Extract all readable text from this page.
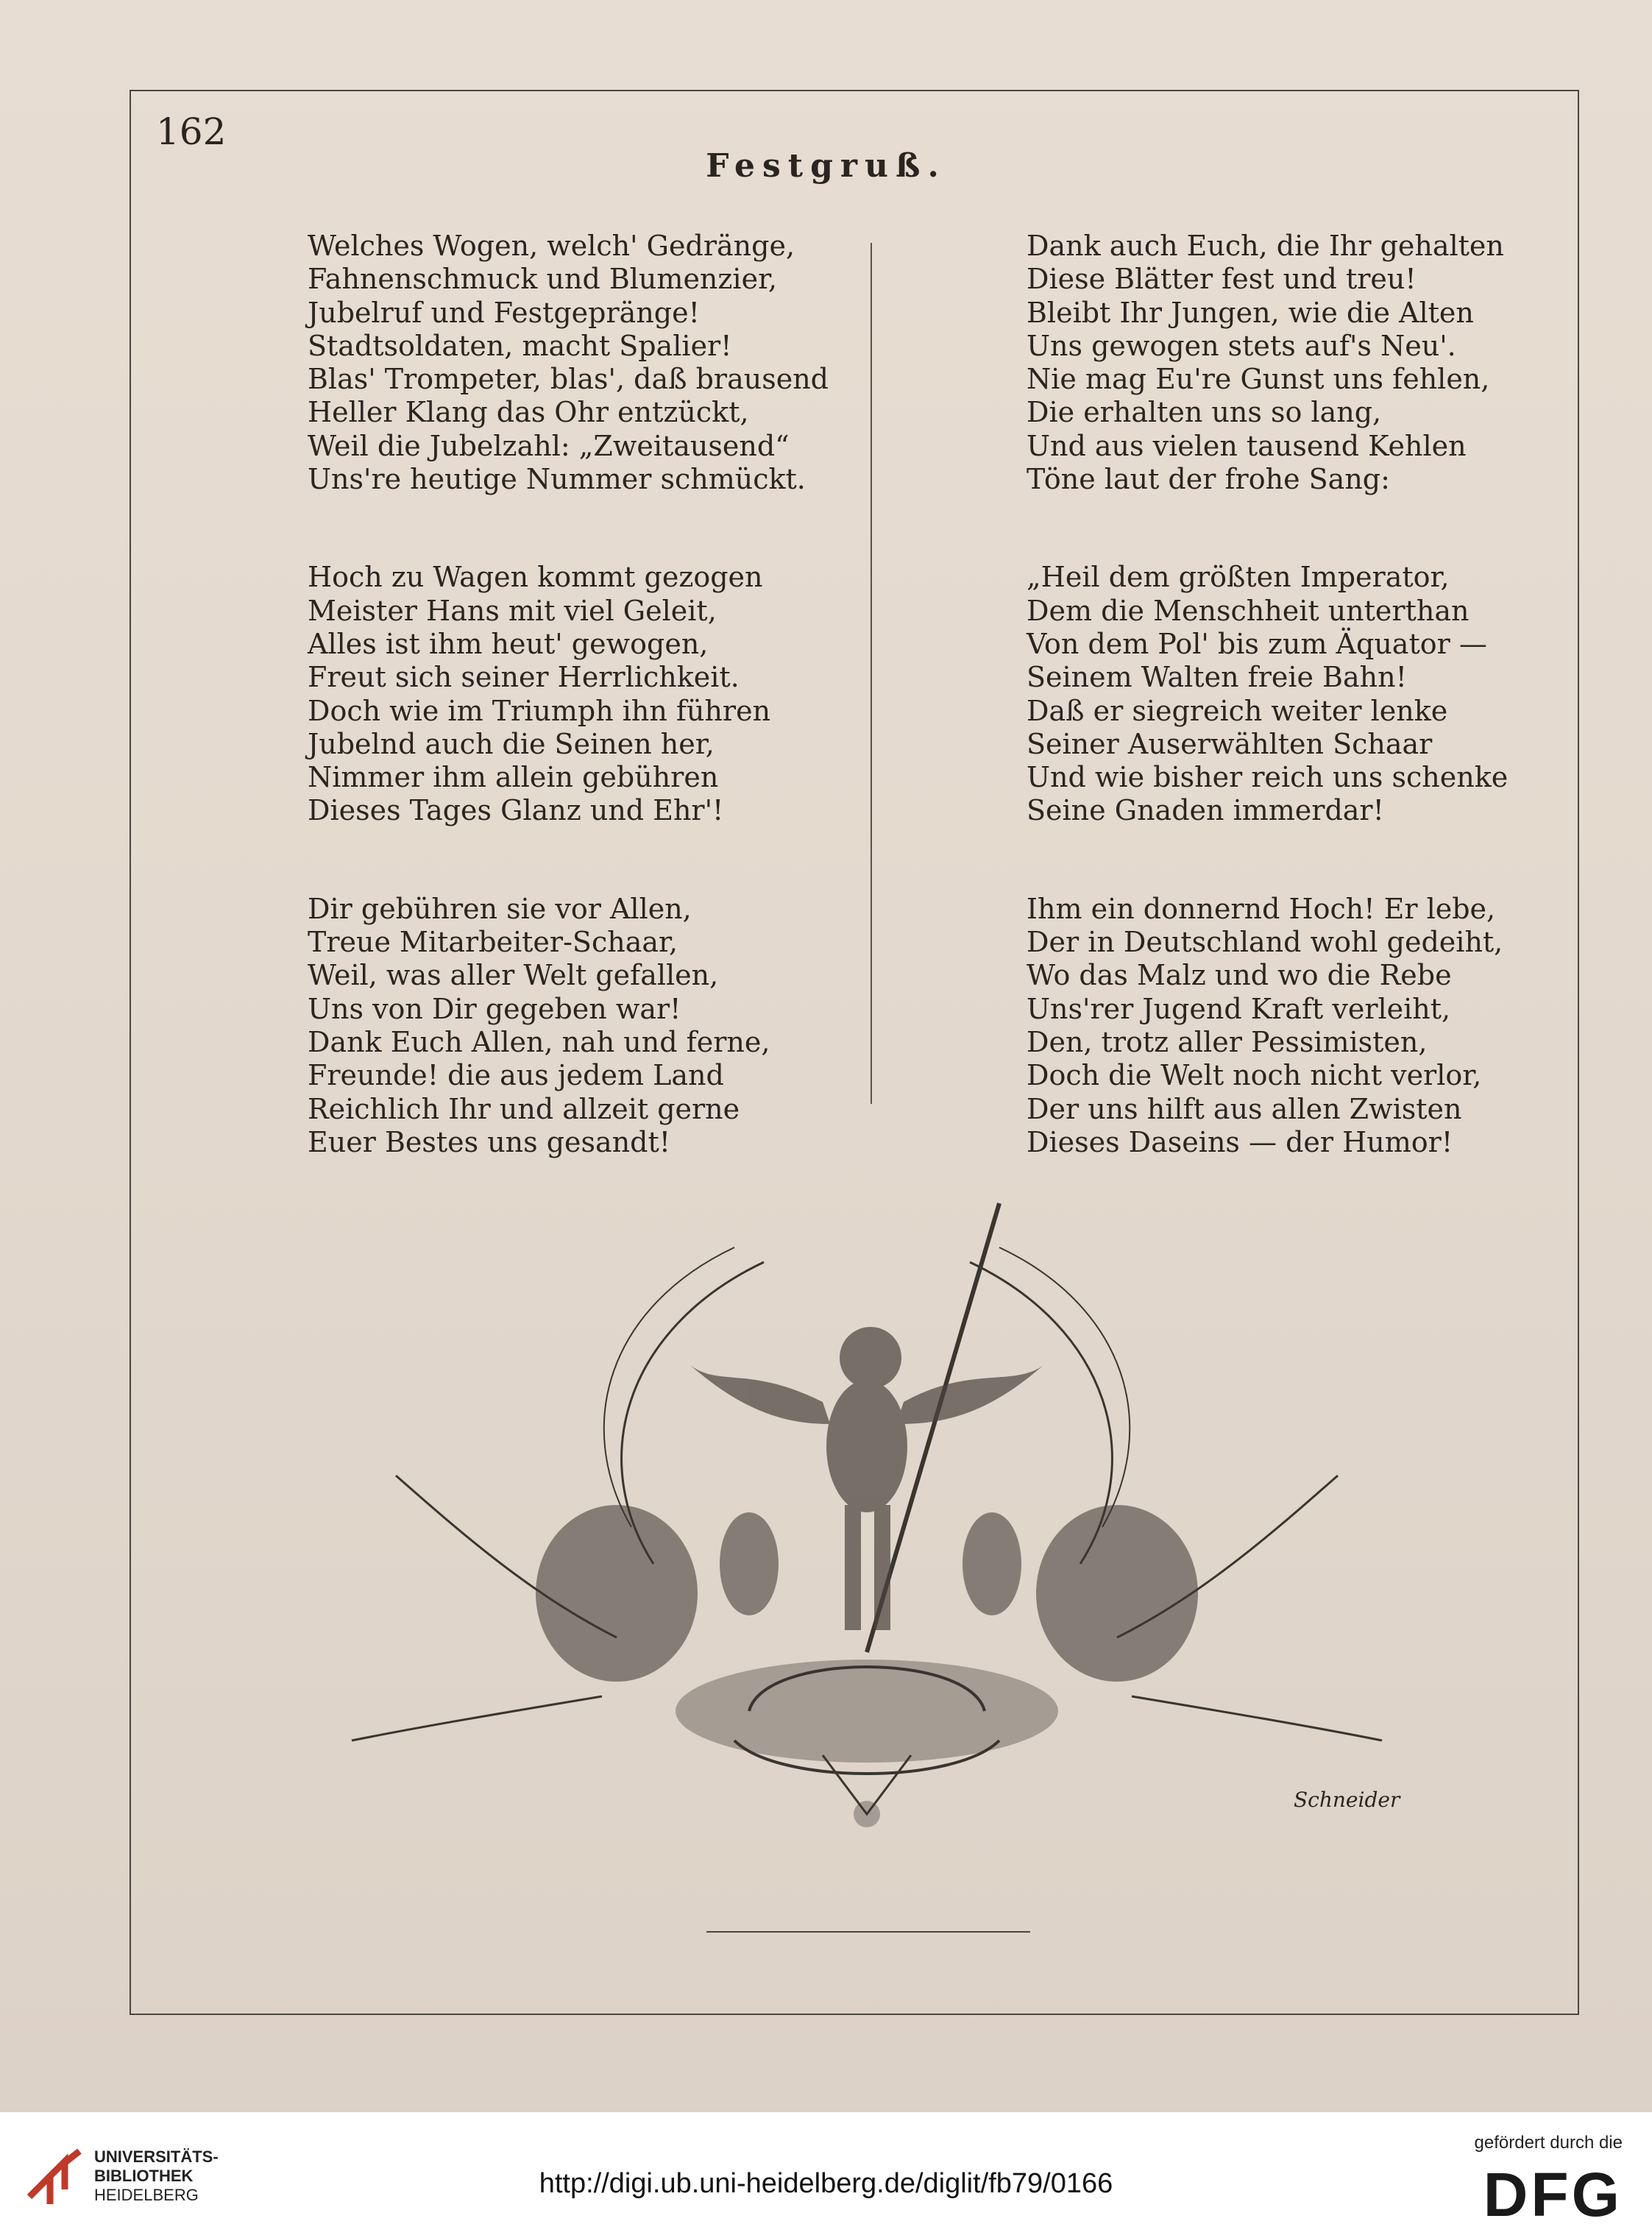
162
Festgruß.
Welches Wogen, welch' Gedränge,
Fahnenschmuck und Blumenzier,
Jubelruf und Festgepränge!
Stadtsoldaten, macht Spalier!
Blas' Trompeter, blas', daß brausend
Heller Klang das Ohr entzückt,
Weil die Jubelzahl: „Zweitausend“
Uns're heutige Nummer schmückt.
Hoch zu Wagen kommt gezogen
Meister Hans mit viel Geleit,
Alles ist ihm heut' gewogen,
Freut sich seiner Herrlichkeit.
Doch wie im Triumph ihn führen
Jubelnd auch die Seinen her,
Nimmer ihm allein gebühren
Dieses Tages Glanz und Ehr'!
Dir gebühren sie vor Allen,
Treue Mitarbeiter-Schaar,
Weil, was aller Welt gefallen,
Uns von Dir gegeben war!
Dank Euch Allen, nah und ferne,
Freunde! die aus jedem Land
Reichlich Ihr und allzeit gerne
Euer Bestes uns gesandt!
Dank auch Euch, die Ihr gehalten
Diese Blätter fest und treu!
Bleibt Ihr Jungen, wie die Alten
Uns gewogen stets auf's Neu'.
Nie mag Eu're Gunst uns fehlen,
Die erhalten uns so lang,
Und aus vielen tausend Kehlen
Töne laut der frohe Sang:
„Heil dem größten Imperator,
Dem die Menschheit unterthan
Von dem Pol' bis zum Äquator —
Seinem Walten freie Bahn!
Daß er siegreich weiter lenke
Seiner Auserwählten Schaar
Und wie bisher reich uns schenke
Seine Gnaden immerdar!
Ihm ein donnernd Hoch! Er lebe,
Der in Deutschland wohl gedeiht,
Wo das Malz und wo die Rebe
Uns'rer Jugend Kraft verleiht,
Den, trotz aller Pessimisten,
Doch die Welt noch nicht verlor,
Der uns hilft aus allen Zwisten
Dieses Daseins — der Humor!
Schneider
UNIVERSITÄTS-
BIBLIOTHEK
HEIDELBERG	http://digi.ub.uni-heidelberg.de/diglit/fb79/0166
gefördert durch die
DFG
